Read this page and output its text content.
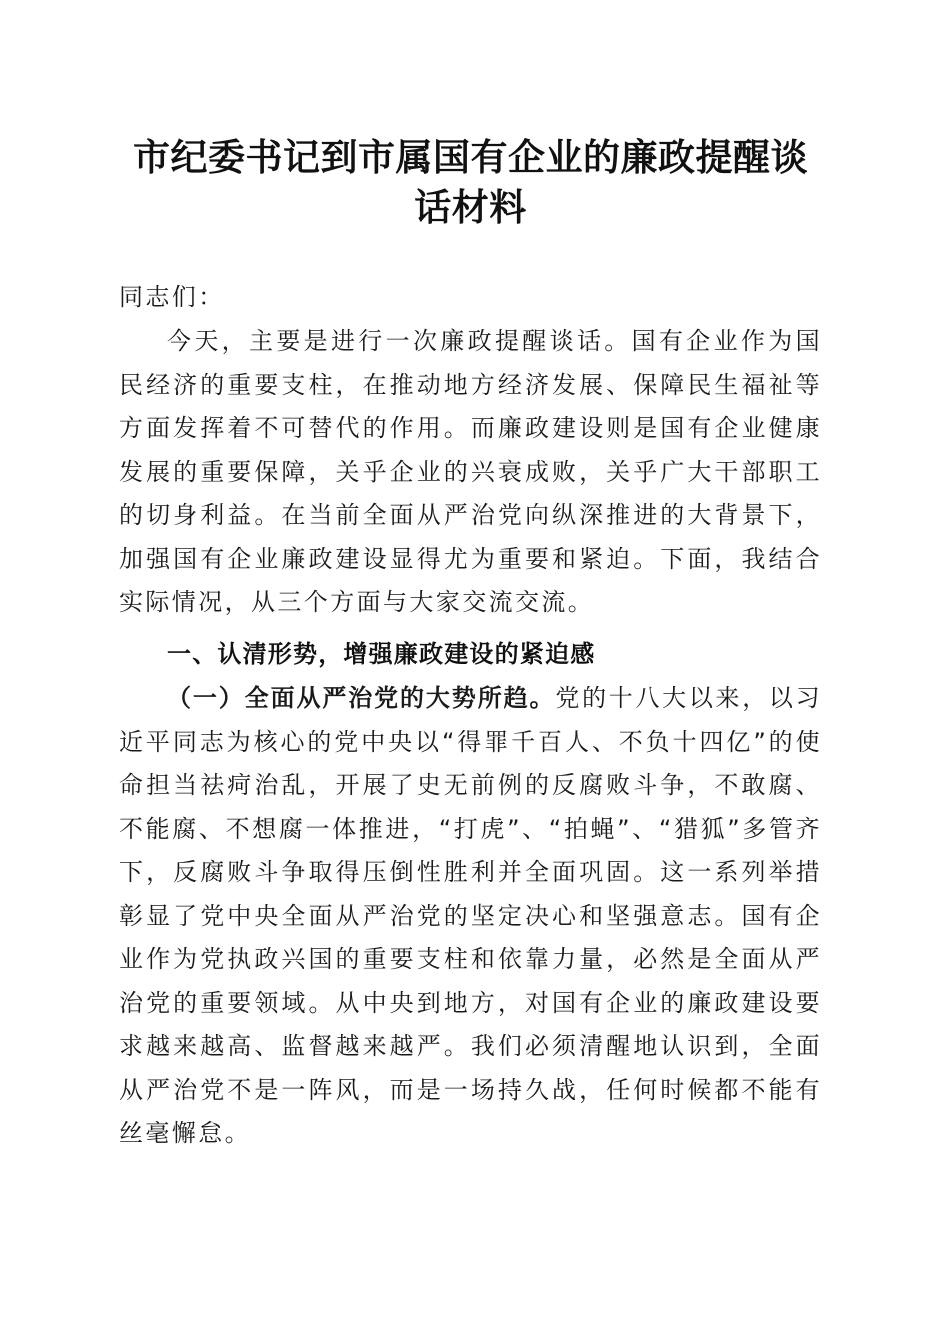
市纪委书记到市属国有企业的廉政提醒谈话材料

同志们：

今天，主要是进行一次廉政提醒谈话。国有企业作为国民经济的重要支柱，在推动地方经济发展、保障民生福祉等方面发挥着不可替代的作用。而廉政建设则是国有企业健康发展的重要保障，关乎企业的兴衰成败，关乎广大干部职工的切身利益。在当前全面从严治党向纵深推进的大背景下，加强国有企业廉政建设显得尤为重要和紧迫。下面，我结合实际情况，从三个方面与大家交流交流。

一、认清形势，增强廉政建设的紧迫感

（一）全面从严治党的大势所趋。党的十八大以来，以习近平同志为核心的党中央以“得罪千百人、不负十四亿”的使命担当祛疴治乱，开展了史无前例的反腐败斗争，不敢腐、不能腐、不想腐一体推进，“打虎”、“拍蝇”、“猎狐”多管齐下，反腐败斗争取得压倒性胜利并全面巩固。这一系列举措彰显了党中央全面从严治党的坚定决心和坚强意志。国有企业作为党执政兴国的重要支柱和依靠力量，必然是全面从严治党的重要领域。从中央到地方，对国有企业的廉政建设要求越来越高、监督越来越严。我们必须清醒地认识到，全面从严治党不是一阵风，而是一场持久战，任何时候都不能有丝毫懈怠。
